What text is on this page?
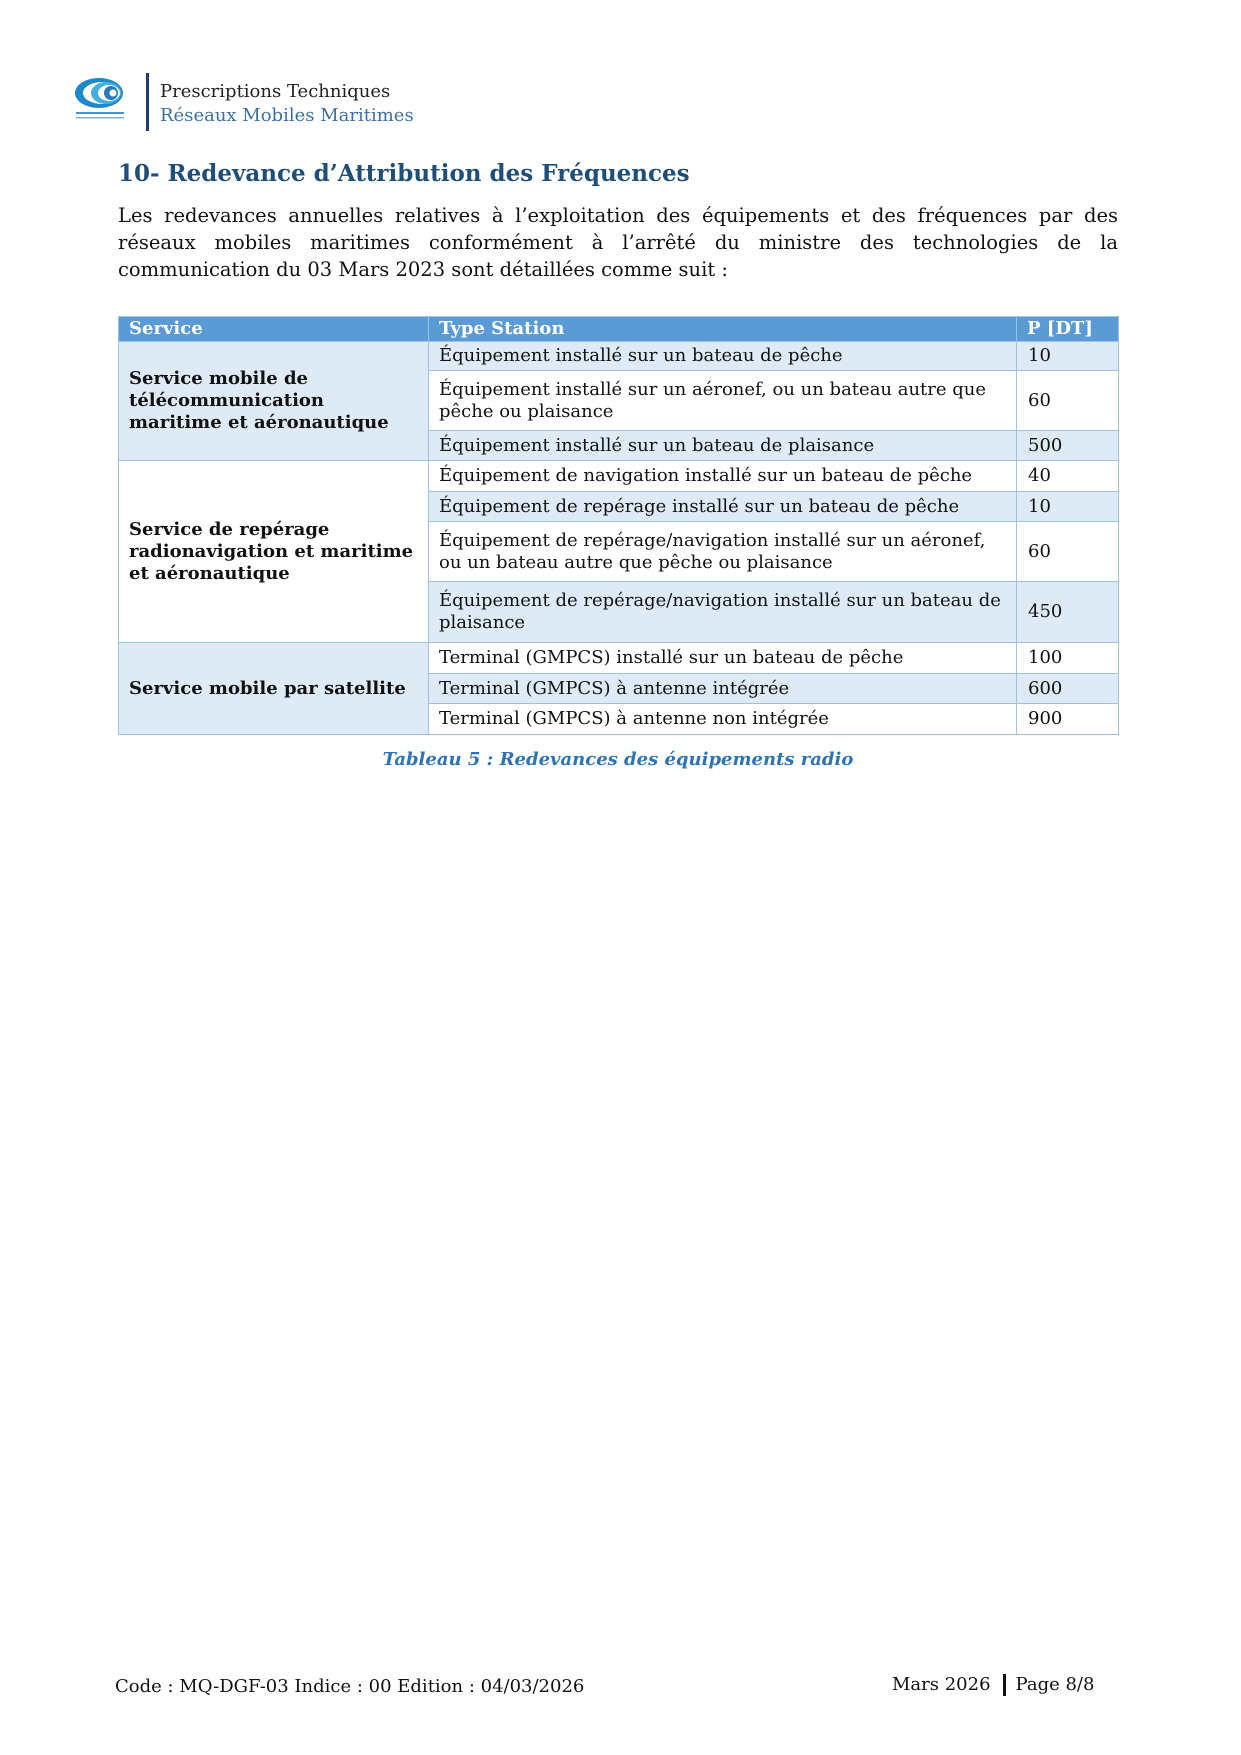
Prescriptions Techniques
Réseaux Mobiles Maritimes
10- Redevance d’Attribution des Fréquences
Les redevances annuelles relatives à l’exploitation des équipements et des fréquences par des réseaux mobiles maritimes conformément à l’arrêté du ministre des technologies de la communication du 03 Mars 2023 sont détaillées comme suit :
Service	Type Station	P [DT]
Service mobile de télécommunication maritime et aéronautique	Équipement installé sur un bateau de pêche	10
	Équipement installé sur un aéronef, ou un bateau autre que pêche ou plaisance	60
	Équipement installé sur un bateau de plaisance	500
Service de repérage radionavigation et maritime et aéronautique	Équipement de navigation installé sur un bateau de pêche	40
	Équipement de repérage installé sur un bateau de pêche	10
	Équipement de repérage/navigation installé sur un aéronef, ou un bateau autre que pêche ou plaisance	60
	Équipement de repérage/navigation installé sur un bateau de plaisance	450
Service mobile par satellite	Terminal (GMPCS) installé sur un bateau de pêche	100
	Terminal (GMPCS) à antenne intégrée	600
	Terminal (GMPCS) à antenne non intégrée	900
Tableau 5 : Redevances des équipements radio
Code : MQ-DGF-03 Indice : 00 Edition : 04/03/2026	Mars 2026 Page 8/8
